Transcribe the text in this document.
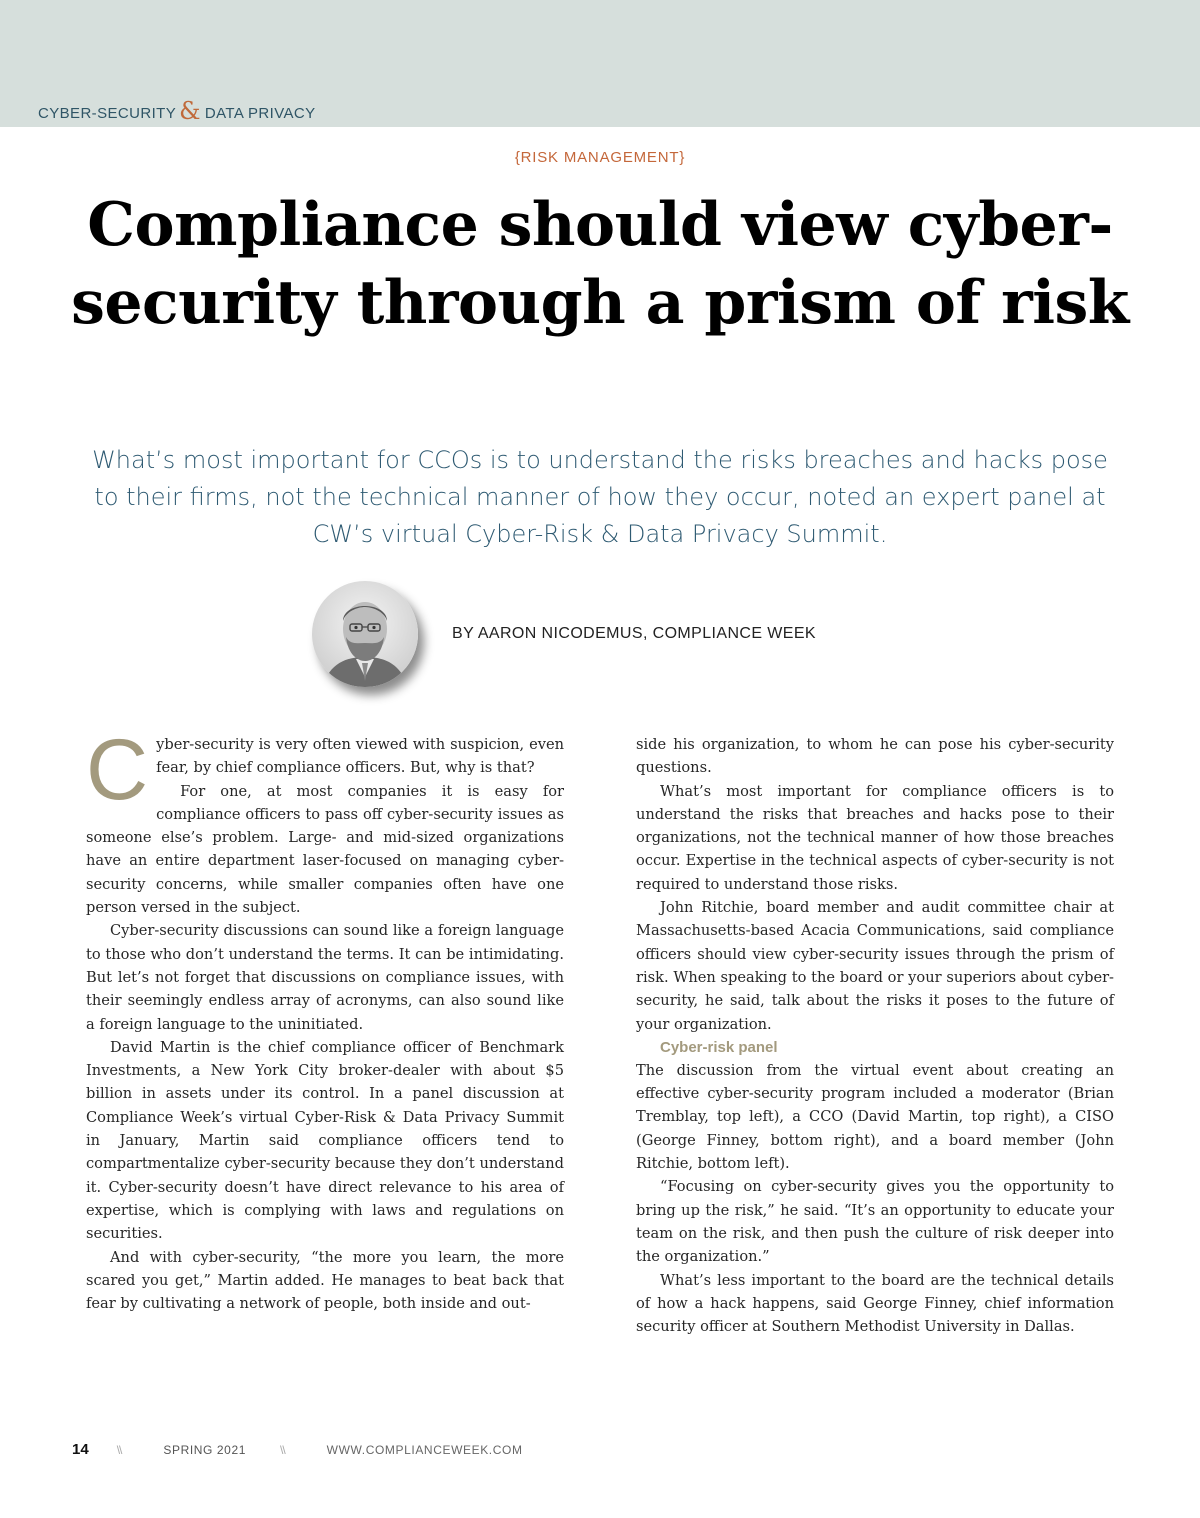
CYBER-SECURITY & DATA PRIVACY
{RISK MANAGEMENT}
Compliance should view cyber-security through a prism of risk

What’s most important for CCOs is to understand the risks breaches and hacks pose to their firms, not the technical manner of how they occur, noted an expert panel at CW’s virtual Cyber-Risk & Data Privacy Summit.

BY AARON NICODEMUS, COMPLIANCE WEEK

Cyber-security is very often viewed with suspicion, even fear, by chief compliance officers. But, why is that?

For one, at most companies it is easy for compliance officers to pass off cyber-security issues as someone else’s problem. Large- and mid-sized organizations have an entire department laser-focused on managing cyber-security concerns, while smaller companies often have one person versed in the subject.

Cyber-security discussions can sound like a foreign language to those who don’t understand the terms. It can be intimidating. But let’s not forget that discussions on compliance issues, with their seemingly endless array of acronyms, can also sound like a foreign language to the uninitiated.

David Martin is the chief compliance officer of Benchmark Investments, a New York City broker-dealer with about $5 billion in assets under its control. In a panel discussion at Compliance Week’s virtual Cyber-Risk & Data Privacy Summit in January, Martin said compliance officers tend to compartmentalize cyber-security because they don’t understand it. Cyber-security doesn’t have direct relevance to his area of expertise, which is complying with laws and regulations on securities.

And with cyber-security, “the more you learn, the more scared you get,” Martin added. He manages to beat back that fear by cultivating a network of people, both inside and out-

side his organization, to whom he can pose his cyber-security questions.

What’s most important for compliance officers is to understand the risks that breaches and hacks pose to their organizations, not the technical manner of how those breaches occur. Expertise in the technical aspects of cyber-security is not required to understand those risks.

John Ritchie, board member and audit committee chair at Massachusetts-based Acacia Communications, said compliance officers should view cyber-security issues through the prism of risk. When speaking to the board or your superiors about cyber-security, he said, talk about the risks it poses to the future of your organization.

Cyber-risk panel

The discussion from the virtual event about creating an effective cyber-security program included a moderator (Brian Tremblay, top left), a CCO (David Martin, top right), a CISO (George Finney, bottom right), and a board member (John Ritchie, bottom left).

“Focusing on cyber-security gives you the opportunity to bring up the risk,” he said. “It’s an opportunity to educate your team on the risk, and then push the culture of risk deeper into the organization.”

What’s less important to the board are the technical details of how a hack happens, said George Finney, chief information security officer at Southern Methodist University in Dallas.

14 \\	SPRING 2021	\\	WWW.COMPLIANCEWEEK.COM
